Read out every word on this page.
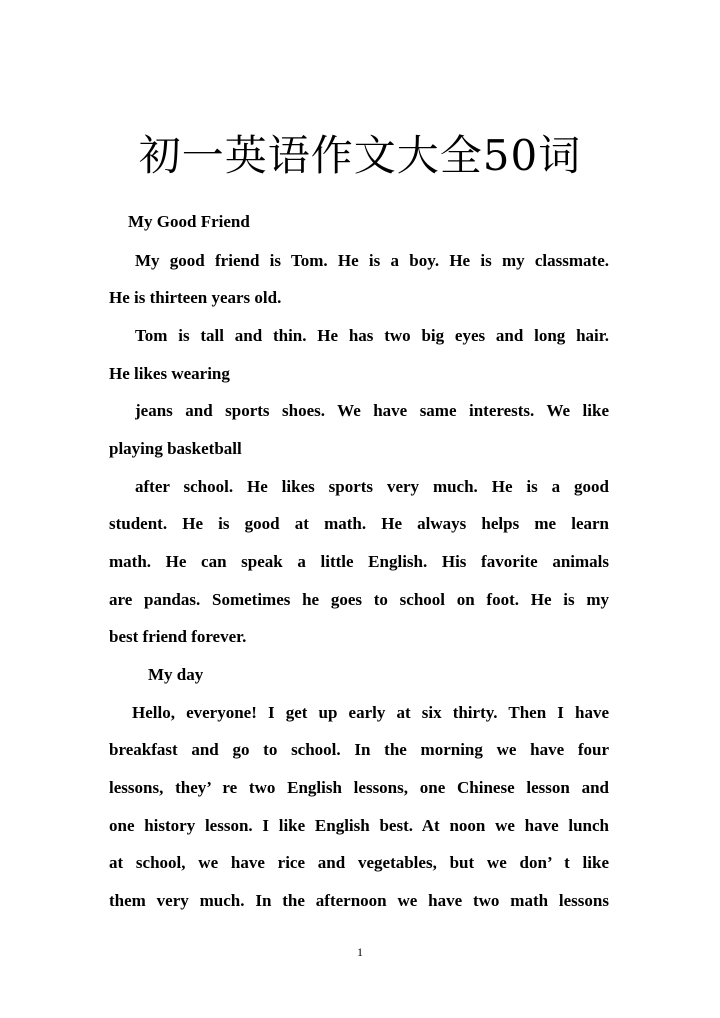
初一英语作文大全50词
My Good Friend
My good friend is Tom. He is a boy. He is my classmate.
He is thirteen years old.
Tom is tall and thin. He has two big eyes and long hair.
He likes wearing
jeans and sports shoes. We have same interests. We like
playing basketball
after school. He likes sports very much. He is a good
student. He is good at math. He always helps me learn
math. He can speak a little English. His favorite animals
are pandas. Sometimes he goes to school on foot. He is my
best friend forever.
My day
Hello, everyone! I get up early at six thirty. Then I have
breakfast and go to school. In the morning we have four
lessons, they’ re two English lessons, one Chinese lesson and
one history lesson. I like English best. At noon we have lunch
at school, we have rice and vegetables, but we don’ t like
them very much. In the afternoon we have two math lessons
1
